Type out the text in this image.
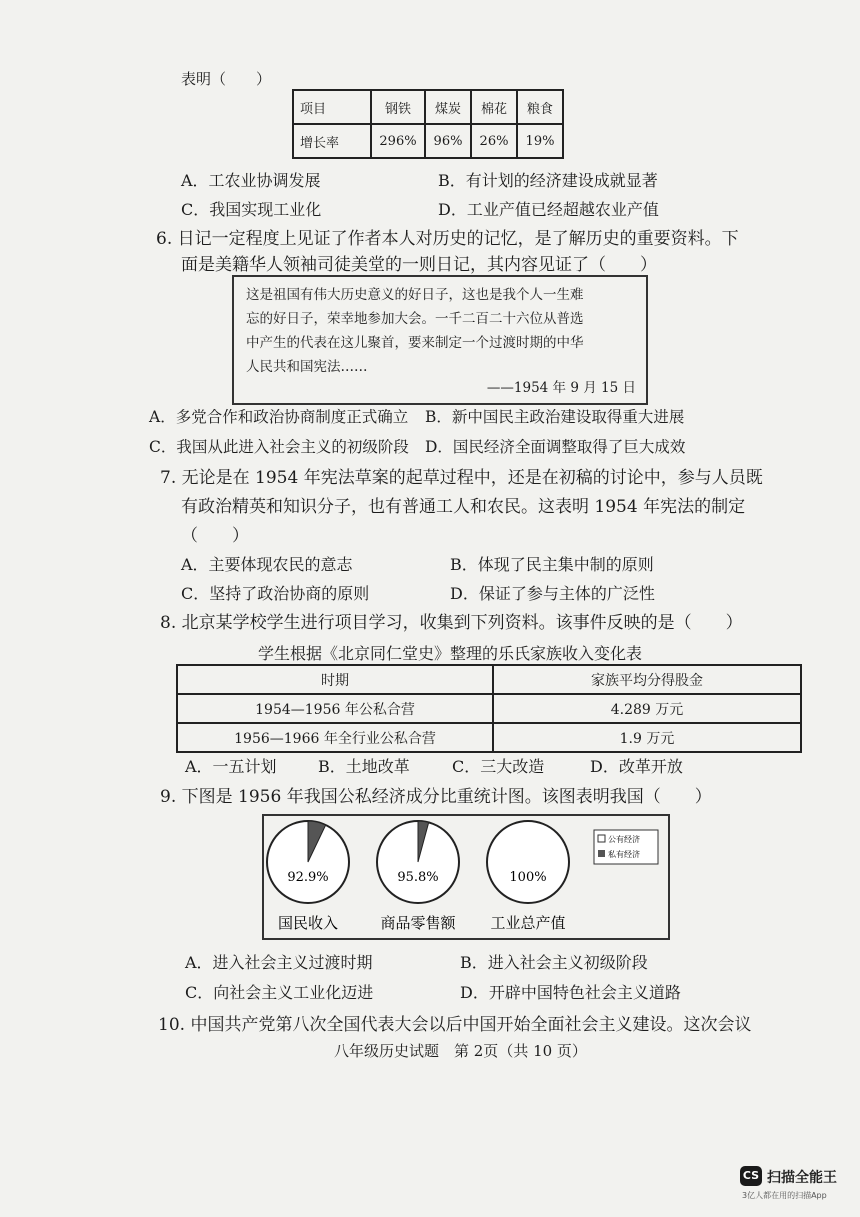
表明（　　）
项目	钢铁	煤炭	棉花	粮食
增长率	296%	96%	26%	19%
A．工农业协调发展	B．有计划的经济建设成就显著
C．我国实现工业化	D．工业产值已经超越农业产值
6. 日记一定程度上见证了作者本人对历史的记忆，是了解历史的重要资料。下
面是美籍华人领袖司徒美堂的一则日记，其内容见证了（　　）
这是祖国有伟大历史意义的好日子，这也是我个人一生难
忘的好日子，荣幸地参加大会。一千二百二十六位从普选
中产生的代表在这儿聚首，要来制定一个过渡时期的中华
人民共和国宪法……
——1954 年 9 月 15 日
A．多党合作和政治协商制度正式确立 B．新中国民主政治建设取得重大进展
C．我国从此进入社会主义的初级阶段 D．国民经济全面调整取得了巨大成效
7. 无论是在 1954 年宪法草案的起草过程中，还是在初稿的讨论中，参与人员既
有政治精英和知识分子，也有普通工人和农民。这表明 1954 年宪法的制定
（　　）
A．主要体现农民的意志	B．体现了民主集中制的原则
C．坚持了政治协商的原则	D．保证了参与主体的广泛性
8. 北京某学校学生进行项目学习，收集到下列资料。该事件反映的是（　　）
学生根据《北京同仁堂史》整理的乐氏家族收入变化表
时期	家族平均分得股金
1954—1956 年公私合营	4.289 万元
1956—1966 年全行业公私合营	1.9 万元
A．一五计划	B．土地改革	C．三大改造	D．改革开放
9. 下图是 1956 年我国公私经济成分比重统计图。该图表明我国（　　）
公有经济
私有经济
92.9%
国民收入
95.8%
商品零售额
100%
工业总产值
A．进入社会主义过渡时期	B．进入社会主义初级阶段
C．向社会主义工业化迈进	D．开辟中国特色社会主义道路
10. 中国共产党第八次全国代表大会以后中国开始全面社会主义建设。这次会议
八年级历史试题　第 2页（共 10 页）
CS 扫描全能王
3亿人都在用的扫描App
